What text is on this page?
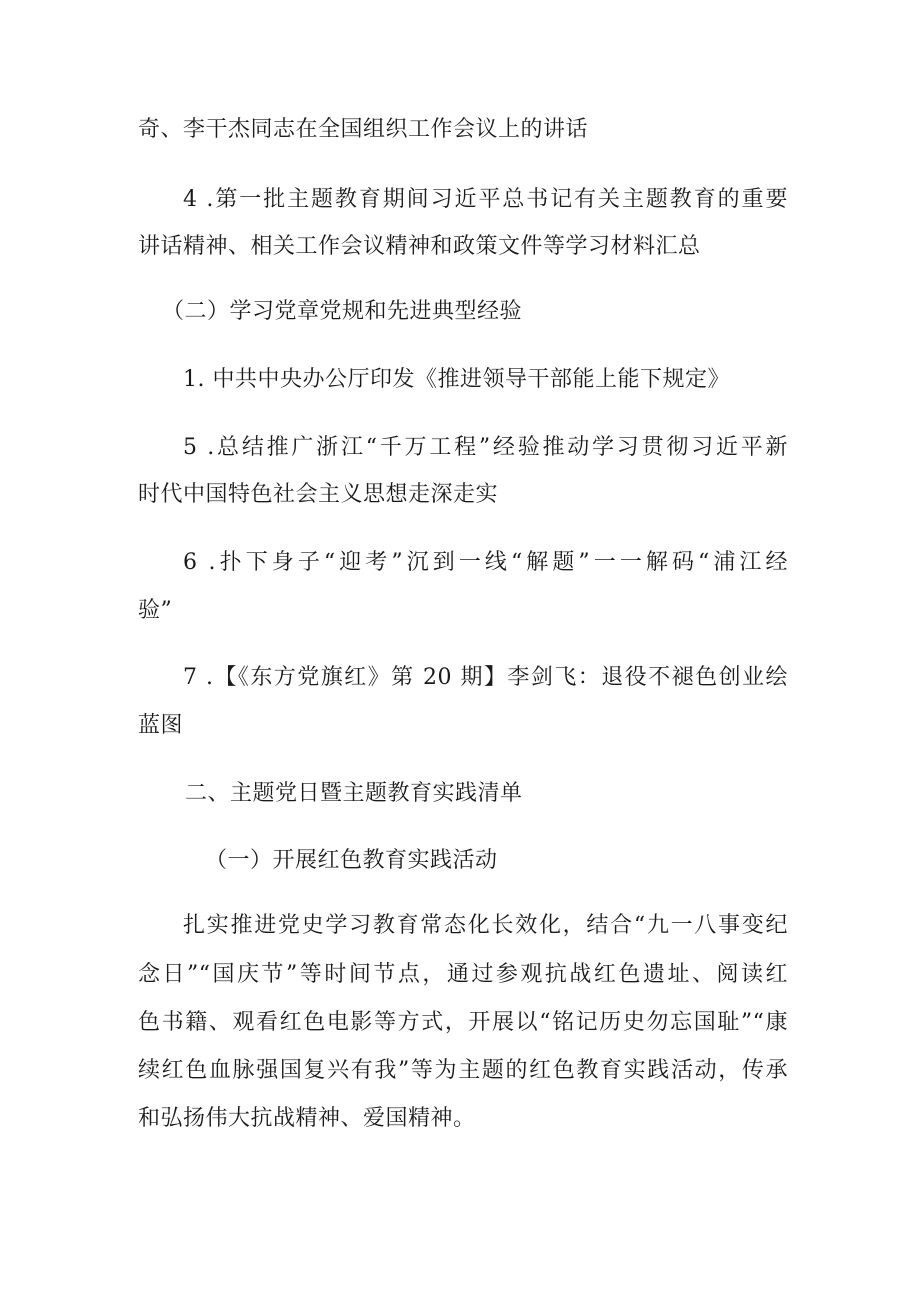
奇、李干杰同志在全国组织工作会议上的讲话
4 .第一批主题教育期间习近平总书记有关主题教育的重要
讲话精神、相关工作会议精神和政策文件等学习材料汇总
（二）学习党章党规和先进典型经验
1. 中共中央办公厅印发《推进领导干部能上能下规定》
5 .总结推广浙江“千万工程”经验推动学习贯彻习近平新
时代中国特色社会主义思想走深走实
6 .扑下身子“迎考”沉到一线“解题”一一解码“浦江经
验”
7 .【《东方党旗红》第 20 期】李剑飞：退役不褪色创业绘
蓝图
二、主题党日暨主题教育实践清单
（一）开展红色教育实践活动
扎实推进党史学习教育常态化长效化，结合“九一八事变纪
念日”“国庆节”等时间节点，通过参观抗战红色遗址、阅读红
色书籍、观看红色电影等方式，开展以“铭记历史勿忘国耻”“康
续红色血脉强国复兴有我”等为主题的红色教育实践活动，传承
和弘扬伟大抗战精神、爱国精神。
